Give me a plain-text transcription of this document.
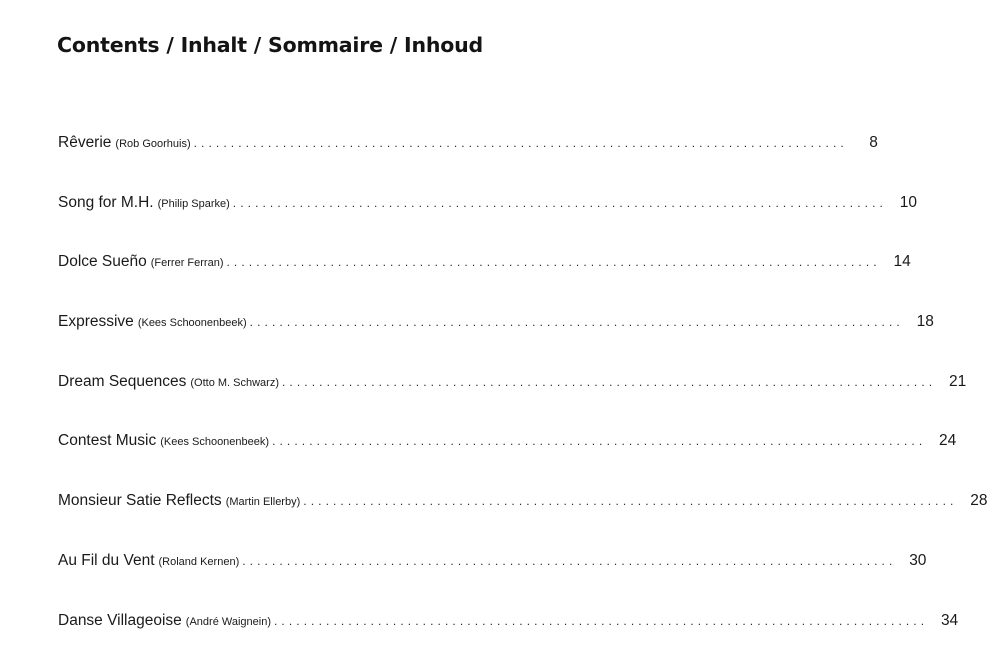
Contents / Inhalt / Sommaire / Inhoud
Rêverie (Rob Goorhuis) ........................................................................................	8
Song for M.H. (Philip Sparke) ........................................................................................ 10
Dolce Sueño (Ferrer Ferran) ........................................................................................ 14
Expressive (Kees Schoonenbeek) ........................................................................................ 18
Dream Sequences (Otto M. Schwarz) ........................................................................................ 21
Contest Music (Kees Schoonenbeek) ........................................................................................ 24
Monsieur Satie Reflects (Martin Ellerby) ........................................................................................ 28
Au Fil du Vent (Roland Kernen) ........................................................................................ 30
Danse Villageoise (André Waignein) ........................................................................................ 34
